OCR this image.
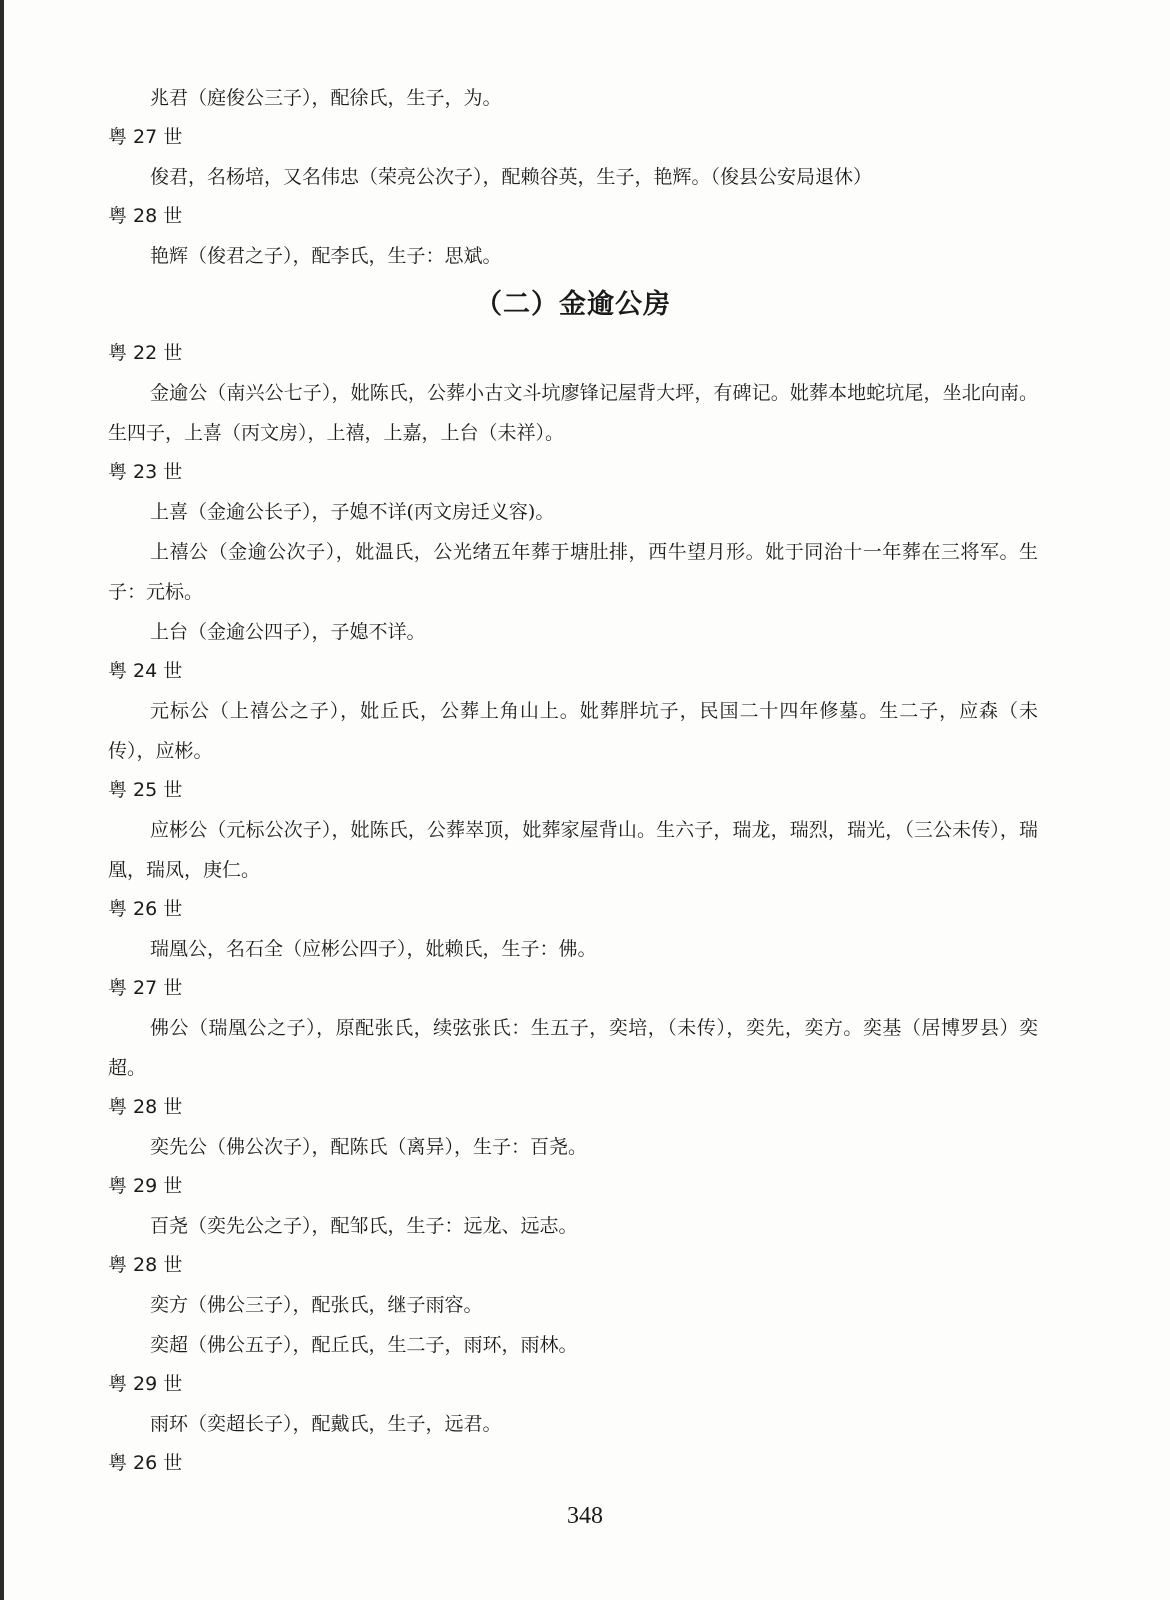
兆君（庭俊公三子），配徐氏，生子，为。

粤 27 世

俊君，名杨培，又名伟忠（荣亮公次子），配赖谷英，生子，艳辉。（俊县公安局退休）

粤 28 世

艳辉（俊君之子），配李氏，生子：思斌。

（二）金逾公房

粤 22 世

金逾公（南兴公七子），妣陈氏，公葬小古文斗坑廖锋记屋背大坪，有碑记。妣葬本地蛇坑尾，坐北向南。生四子，上喜（丙文房），上禧，上嘉，上台（未祥）。

粤 23 世

上喜（金逾公长子），子媳不详(丙文房迁义容)。

上禧公（金逾公次子），妣温氏，公光绪五年葬于塘肚排，西牛望月形。妣于同治十一年葬在三将军。生子：元标。

上台（金逾公四子），子媳不详。

粤 24 世

元标公（上禧公之子），妣丘氏，公葬上角山上。妣葬胖坑子，民国二十四年修墓。生二子，应森（未传），应彬。

粤 25 世

应彬公（元标公次子），妣陈氏，公葬崒顶，妣葬家屋背山。生六子，瑞龙，瑞烈，瑞光，（三公未传），瑞凰，瑞凤，庚仁。

粤 26 世

瑞凰公，名石全（应彬公四子），妣赖氏，生子：佛。

粤 27 世

佛公（瑞凰公之子），原配张氏，续弦张氏：生五子，奕培，（未传），奕先，奕方。奕基（居博罗县）奕超。

粤 28 世

奕先公（佛公次子），配陈氏（离异），生子：百尧。

粤 29 世

百尧（奕先公之子），配邹氏，生子：远龙、远志。

粤 28 世

奕方（佛公三子），配张氏，继子雨容。

奕超（佛公五子），配丘氏，生二子，雨环，雨林。

粤 29 世

雨环（奕超长子），配戴氏，生子，远君。

粤 26 世

348
